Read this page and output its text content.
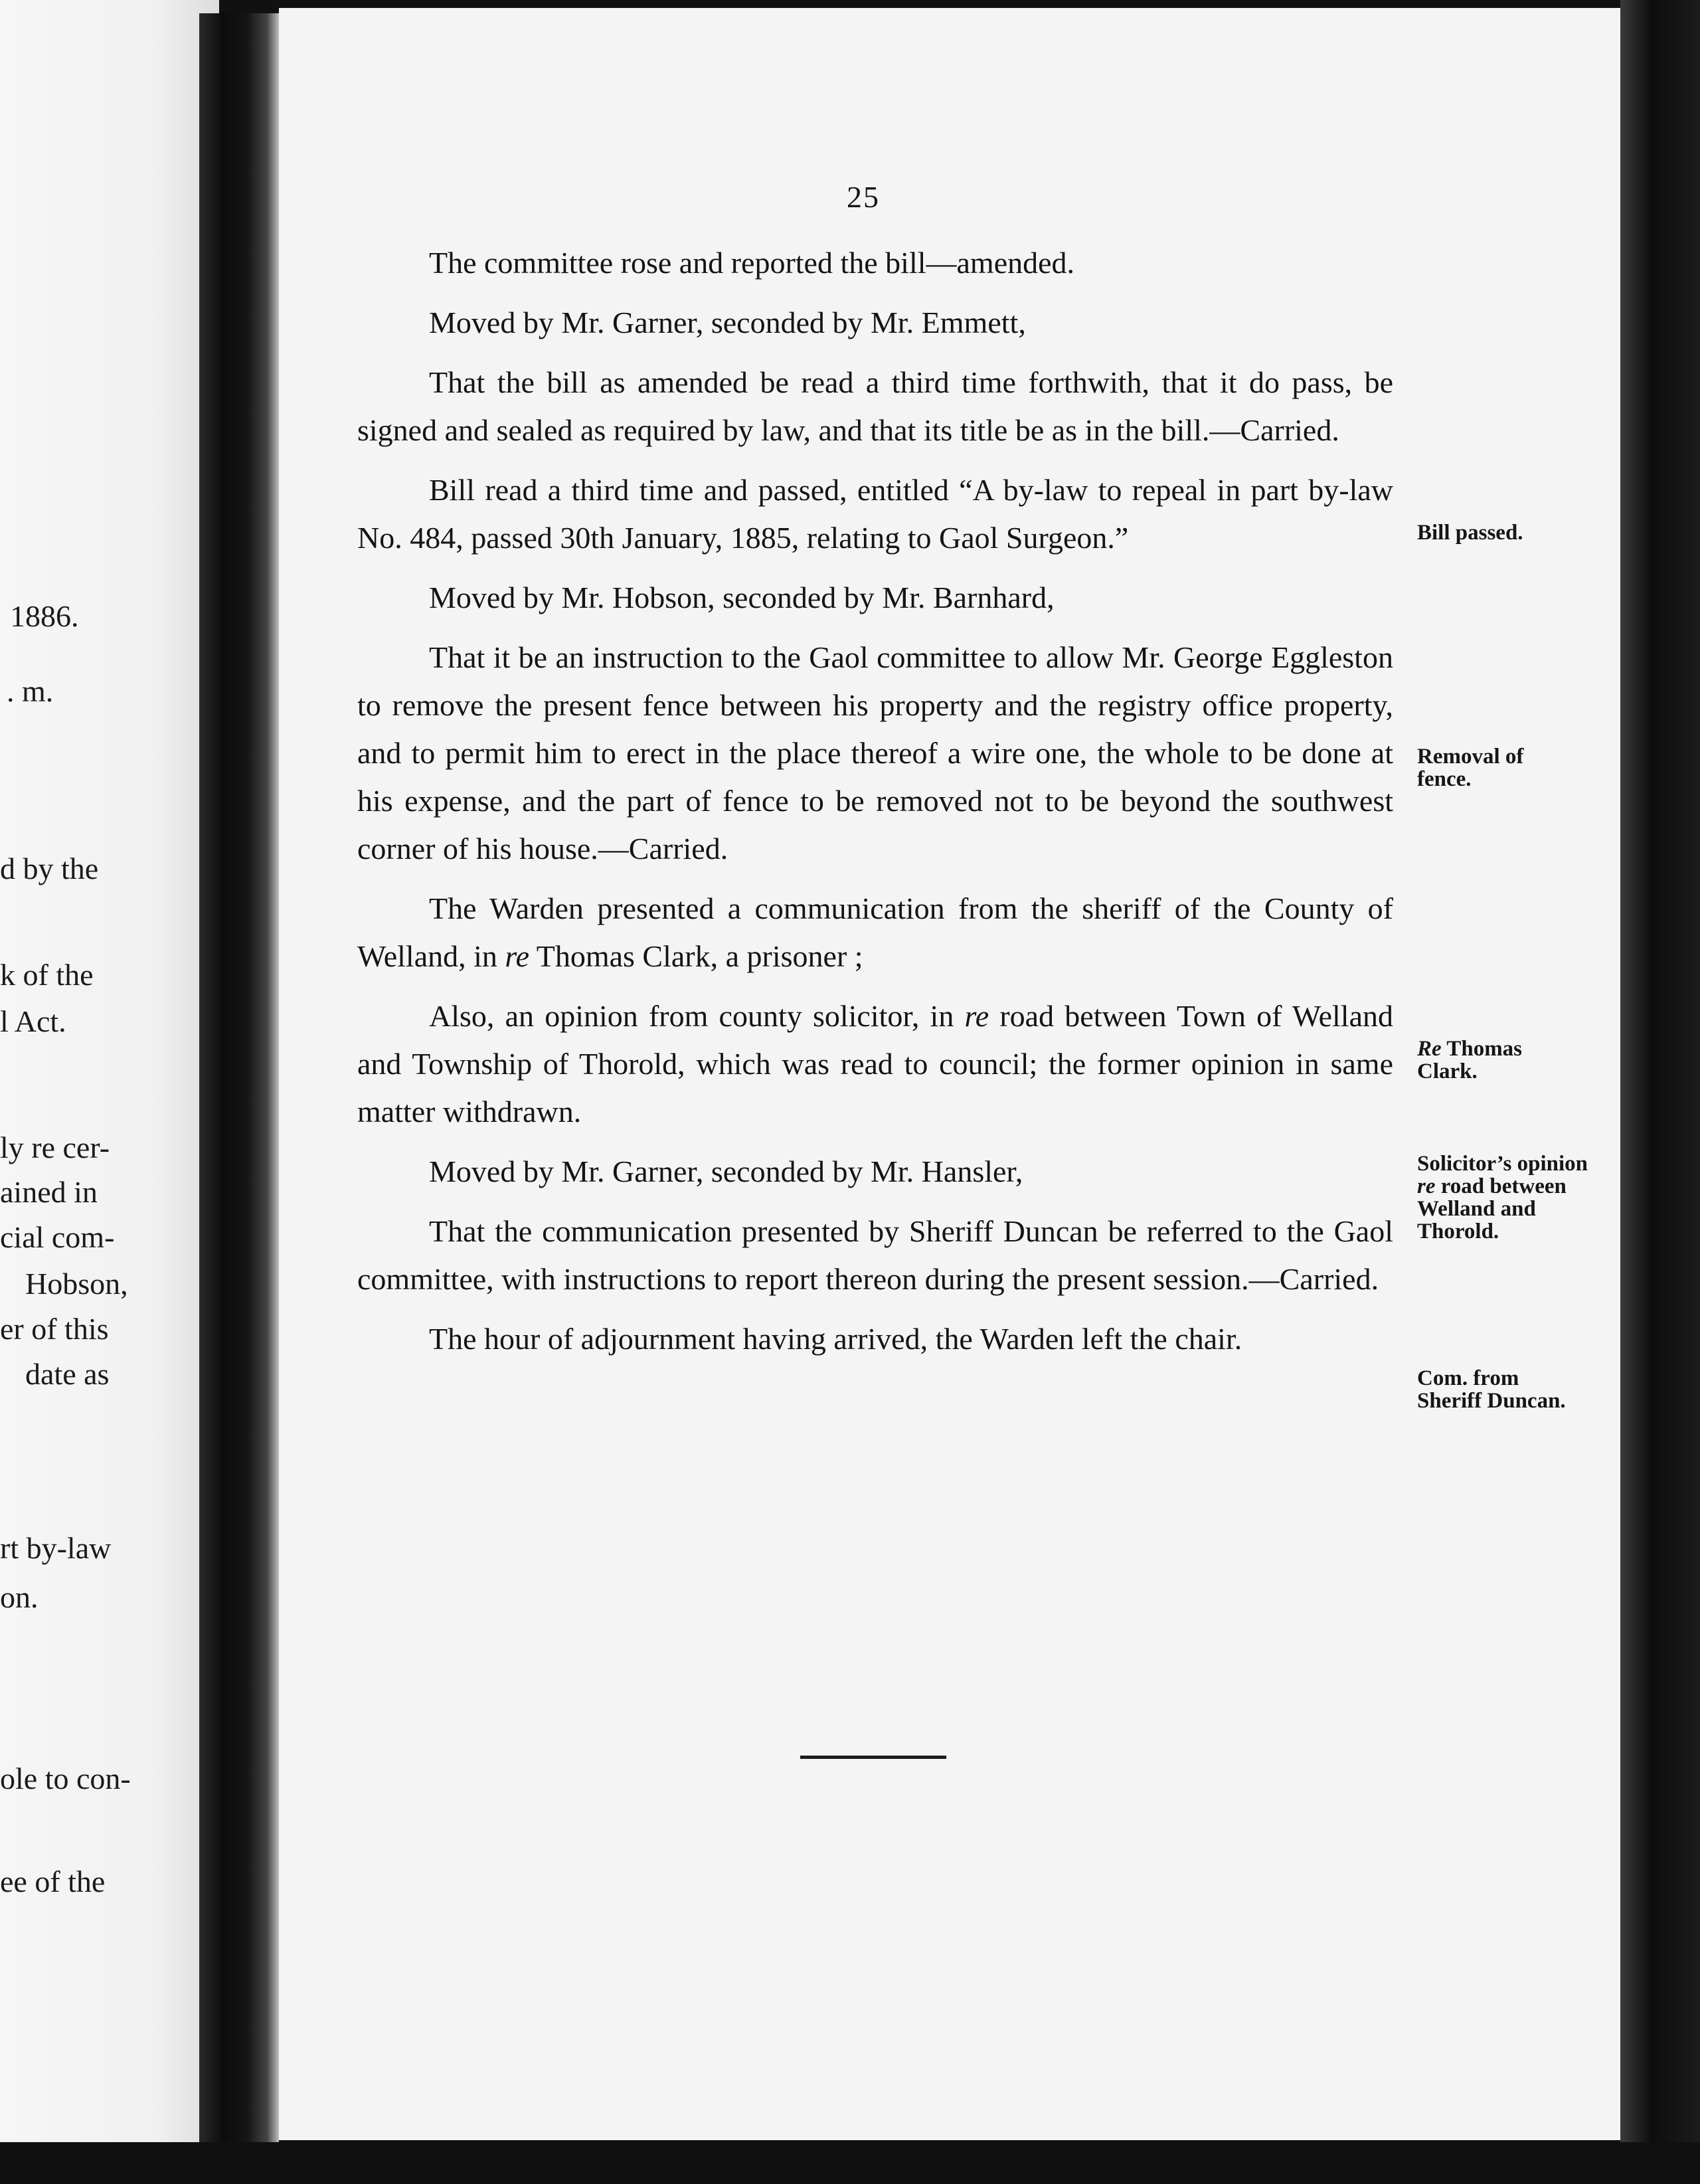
1886.
. m.
d by the
k of the
l Act.
ly re cer-
ained in
cial com-
Hobson,
er of this
date as
rt by-law
on.
ole to con-
ee of the
25

The committee rose and reported the bill—amended.

Moved by Mr. Garner, seconded by Mr. Emmett,

That the bill as amended be read a third time forthwith, that it do pass, be signed and sealed as required by law, and that its title be as in the bill.—Carried.

Bill read a third time and passed, entitled “A by-law to repeal in part by-law No. 484, passed 30th January, 1885, relating to Gaol Surgeon.”

Moved by Mr. Hobson, seconded by Mr. Barnhard,

That it be an instruction to the Gaol committee to allow Mr. George Eggleston to remove the present fence between his property and the registry office property, and to permit him to erect in the place thereof a wire one, the whole to be done at his expense, and the part of fence to be removed not to be beyond the southwest corner of his house.—Carried.

The Warden presented a communication from the sheriff of the County of Welland, in re Thomas Clark, a prisoner ;

Also, an opinion from county solicitor, in re road between Town of Welland and Township of Thorold, which was read to council; the former opinion in same matter withdrawn.

Moved by Mr. Garner, seconded by Mr. Hansler,

That the communication presented by Sheriff Duncan be referred to the Gaol committee, with instructions to report thereon during the present session.—Carried.

The hour of adjournment having arrived, the Warden left the chair.

Bill passed.
Removal of fence.
Re Thomas Clark.
Solicitor’s opinion re road between Welland and Thorold.
Com. from Sheriff Duncan.
